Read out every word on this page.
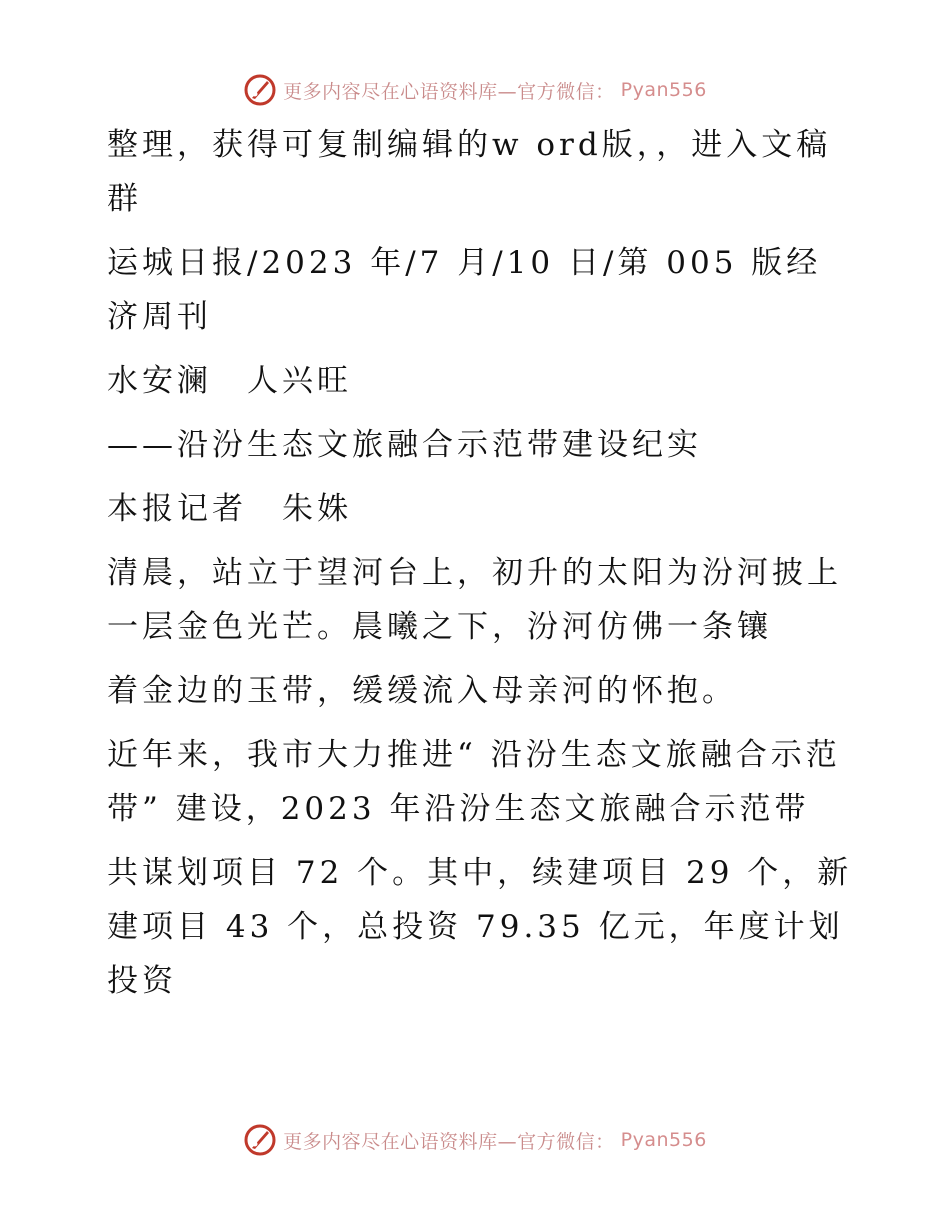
更多内容尽在心语资料库—官方微信： Pyan556

整理，获得可复制编辑的w ord版，，进入文稿群

运城日报/2023 年/7 月/10 日/第 005 版经济周刊

水安澜　人兴旺

——沿汾生态文旅融合示范带建设纪实

本报记者　朱姝

清晨，站立于望河台上，初升的太阳为汾河披上一层金色光芒。晨曦之下，汾河仿佛一条镶

着金边的玉带，缓缓流入母亲河的怀抱。

近年来，我市大力推进“ 沿汾生态文旅融合示范带” 建设，2023 年沿汾生态文旅融合示范带

共谋划项目 72 个。其中，续建项目 29 个，新建项目 43 个，总投资 79.35 亿元，年度计划投资

更多内容尽在心语资料库—官方微信： Pyan556
